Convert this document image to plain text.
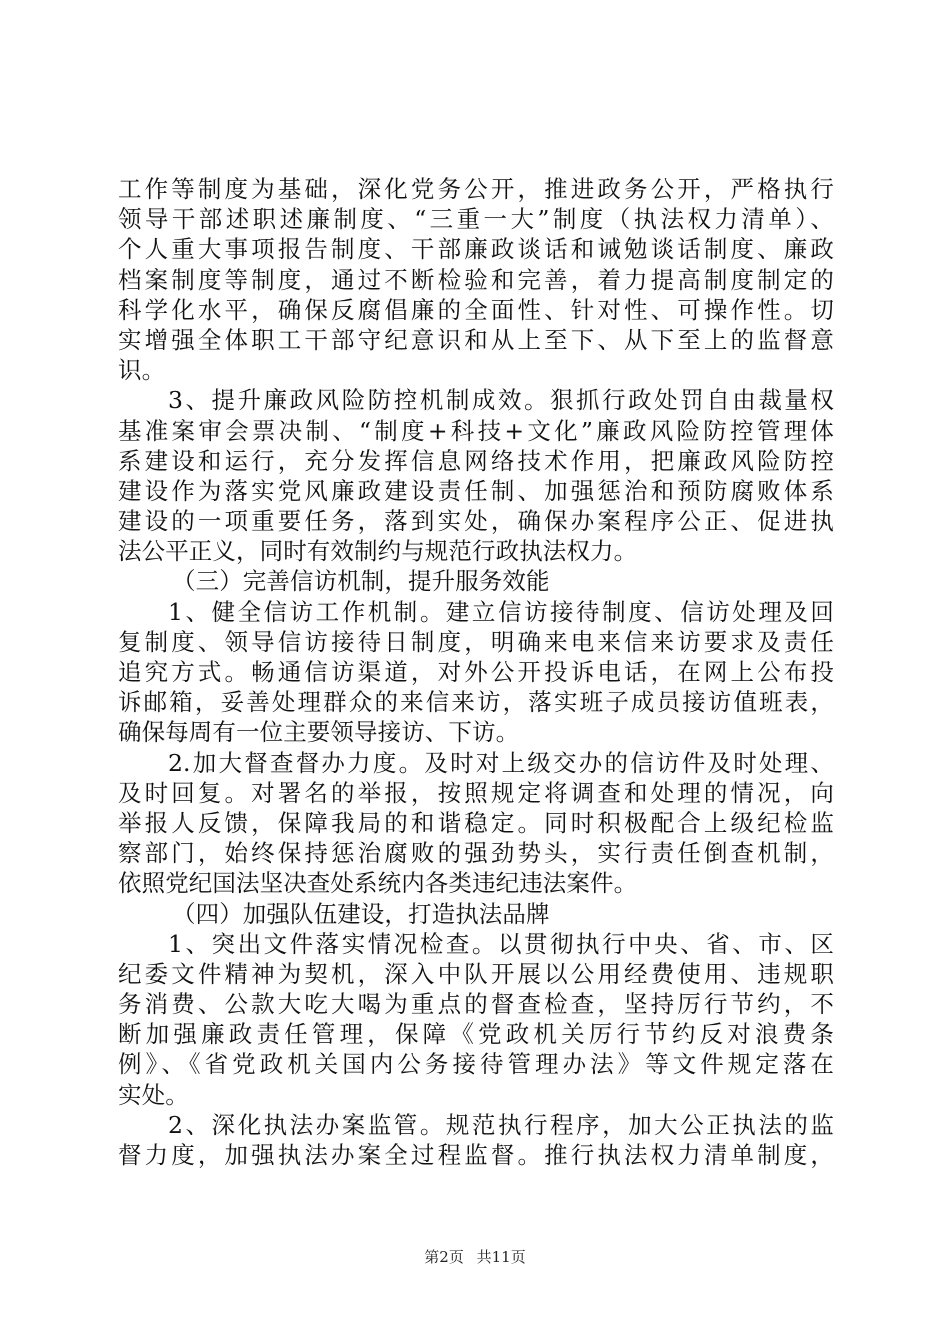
工作等制度为基础，深化党务公开，推进政务公开，严格执行
领导干部述职述廉制度、“三重一大”制度（执法权力清单）、
个人重大事项报告制度、干部廉政谈话和诫勉谈话制度、廉政
档案制度等制度，通过不断检验和完善，着力提高制度制定的
科学化水平，确保反腐倡廉的全面性、针对性、可操作性。切
实增强全体职工干部守纪意识和从上至下、从下至上的监督意
识。
3、提升廉政风险防控机制成效。狠抓行政处罚自由裁量权
基准案审会票决制、“制度+科技+文化”廉政风险防控管理体
系建设和运行，充分发挥信息网络技术作用，把廉政风险防控
建设作为落实党风廉政建设责任制、加强惩治和预防腐败体系
建设的一项重要任务，落到实处，确保办案程序公正、促进执
法公平正义，同时有效制约与规范行政执法权力。
（三）完善信访机制，提升服务效能
1、健全信访工作机制。建立信访接待制度、信访处理及回
复制度、领导信访接待日制度，明确来电来信来访要求及责任
追究方式。畅通信访渠道，对外公开投诉电话，在网上公布投
诉邮箱，妥善处理群众的来信来访，落实班子成员接访值班表，
确保每周有一位主要领导接访、下访。
2.加大督查督办力度。及时对上级交办的信访件及时处理、
及时回复。对署名的举报，按照规定将调查和处理的情况，向
举报人反馈，保障我局的和谐稳定。同时积极配合上级纪检监
察部门，始终保持惩治腐败的强劲势头，实行责任倒查机制，
依照党纪国法坚决查处系统内各类违纪违法案件。
（四）加强队伍建设，打造执法品牌
1、突出文件落实情况检查。以贯彻执行中央、省、市、区
纪委文件精神为契机，深入中队开展以公用经费使用、违规职
务消费、公款大吃大喝为重点的督查检查，坚持厉行节约，不
断加强廉政责任管理，保障《党政机关厉行节约反对浪费条
例》、《省党政机关国内公务接待管理办法》等文件规定落在
实处。
2、深化执法办案监管。规范执行程序，加大公正执法的监
督力度，加强执法办案全过程监督。推行执法权力清单制度，
第2页 共11页
